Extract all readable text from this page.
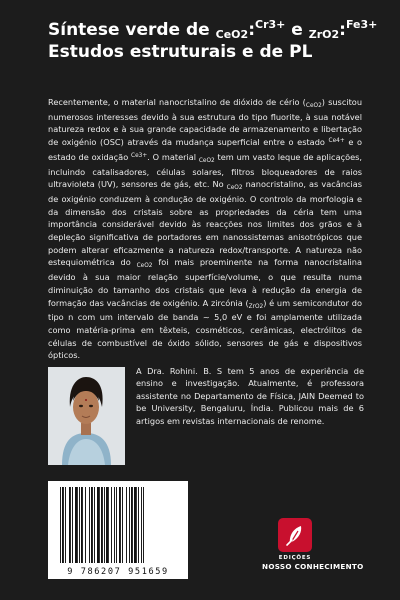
Síntese verde de $_{CeO2}$:$^{Cr3+}$ e $_{ZrO2}$:$^{Fe3+}$ Estudos estruturais e de PL

Recentemente, o material nanocristalino de dióxido de cério $(_{CeO2})$ suscitou numerosos interesses devido à sua estrutura do tipo fluorite, à sua notável natureza redox e à sua grande capacidade de armazenamento e libertação de oxigénio (OSC) através da mudança superficial entre o estado $^{Ce4+}$ e o estado de oxidação $^{Ce3+}$. O material $_{CeO2}$ tem um vasto leque de aplicações, incluindo catalisadores, células solares, filtros bloqueadores de raios ultravioleta (UV), sensores de gás, etc. No $_{CeO2}$ nanocristalino, as vacâncias de oxigénio conduzem à condução de oxigénio. O controlo da morfologia e da dimensão dos cristais sobre as propriedades da céria tem uma importância considerável devido às reacções nos limites dos grãos e à depleção significativa de portadores em nanossistemas anisotrópicos que podem alterar eficazmente a natureza redox/transporte. A natureza não estequiométrica do $_{CeO2}$ foi mais proeminente na forma nanocristalina devido à sua maior relação superfície/volume, o que resulta numa diminuição do tamanho dos cristais que leva à redução da energia de formação das vacâncias de oxigénio. A zircónia $(_{ZrO2})$ é um semicondutor do tipo n com um intervalo de banda ~ 5,0 eV e foi amplamente utilizada como matéria-prima em têxteis, cosméticos, cerâmicas, electrólitos de células de combustível de óxido sólido, sensores de gás e dispositivos ópticos.

A Dra. Rohini. B. S tem 5 anos de experiência de ensino e investigação. Atualmente, é professora assistente no Departamento de Física, JAIN Deemed to be University, Bengaluru, Índia. Publicou mais de 6 artigos em revistas internacionais de renome.

9 786207 951659
EDIÇÕES
NOSSO CONHECIMENTO
